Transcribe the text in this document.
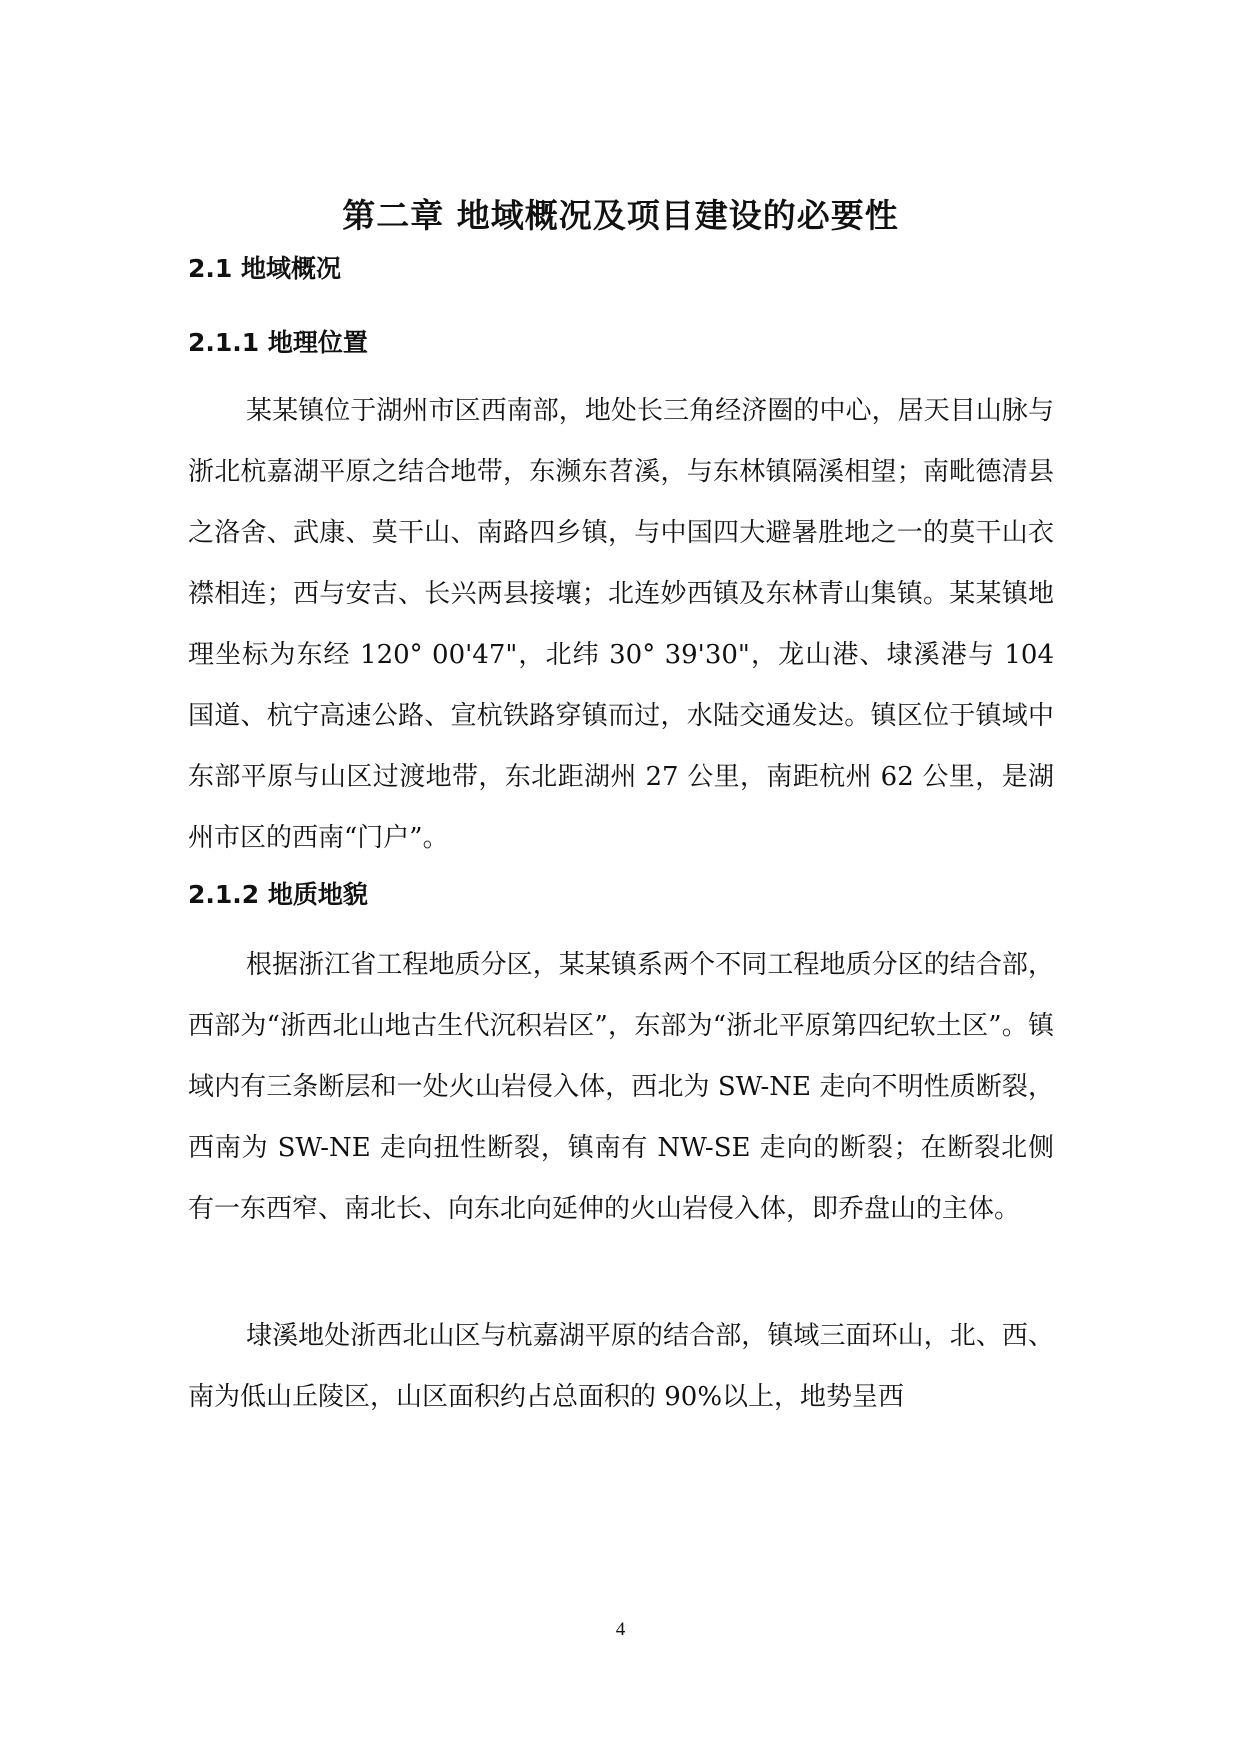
第二章 地域概况及项目建设的必要性
2.1 地域概况
2.1.1 地理位置

某某镇位于湖州市区西南部，地处长三角经济圈的中心，居天目山脉与浙北杭嘉湖平原之结合地带，东濒东苕溪，与东林镇隔溪相望；南毗德清县之洛舍、武康、莫干山、南路四乡镇，与中国四大避暑胜地之一的莫干山衣襟相连；西与安吉、长兴两县接壤；北连妙西镇及东林青山集镇。某某镇地理坐标为东经 120° 00'47"，北纬 30° 39'30"，龙山港、埭溪港与 104 国道、杭宁高速公路、宣杭铁路穿镇而过，水陆交通发达。镇区位于镇域中东部平原与山区过渡地带，东北距湖州 27 公里，南距杭州 62 公里，是湖州市区的西南“门户”。

2.1.2 地质地貌

根据浙江省工程地质分区，某某镇系两个不同工程地质分区的结合部，西部为“浙西北山地古生代沉积岩区”，东部为“浙北平原第四纪软土区”。镇域内有三条断层和一处火山岩侵入体，西北为 SW-NE 走向不明性质断裂，西南为 SW-NE 走向扭性断裂，镇南有 NW-SE 走向的断裂；在断裂北侧有一东西窄、南北长、向东北向延伸的火山岩侵入体，即乔盘山的主体。

埭溪地处浙西北山区与杭嘉湖平原的结合部，镇域三面环山，北、西、南为低山丘陵区，山区面积约占总面积的 90%以上，地势呈西

4
